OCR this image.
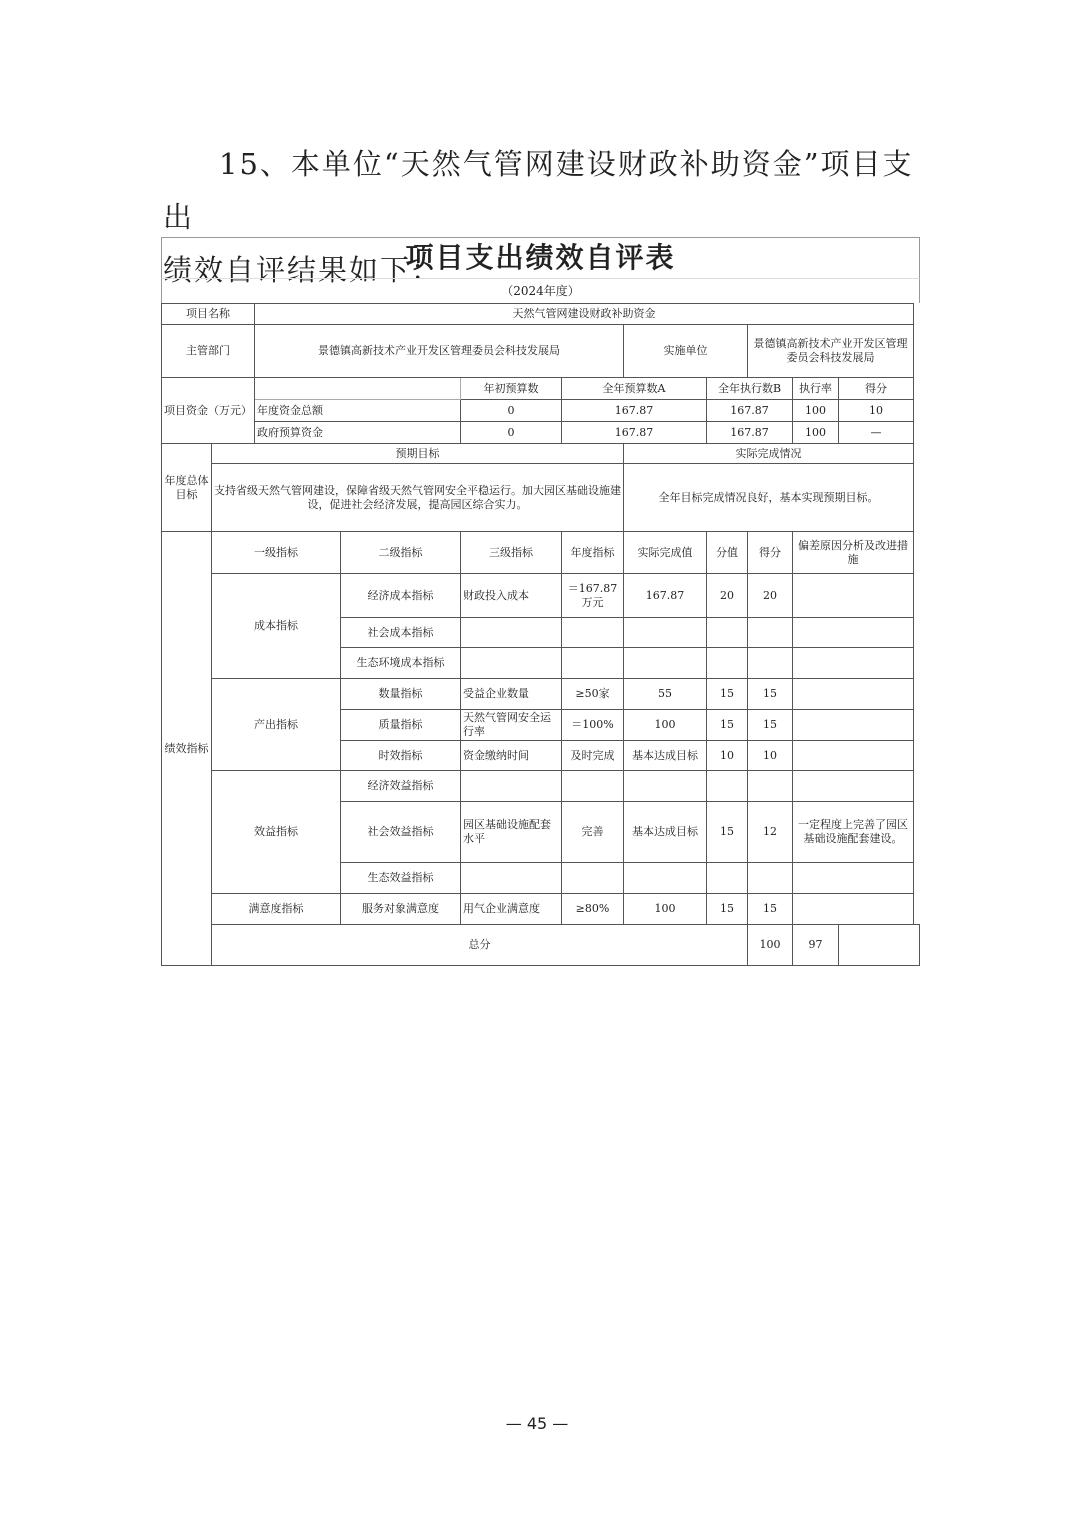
15、本单位“天然气管网建设财政补助资金”项目支出
绩效自评结果如下：
项目支出绩效自评表
（2024年度）
项目名称		天然气管网建设财政补助资金								
主管部门		景德镇高新技术产业开发区管理委员会科技发展局				实施单位		景德镇高新技术产业开发区管理委员会科技发展局		
项目资金（万元）				年初预算数	全年预算数A		全年执行数B		执行率	得分
		年度资金总额		0	167.87		167.87		100	10
		政府预算资金		0	167.87		167.87		100	—
年度总体目标	预期目标					实际完成情况				
	支持省级天然气管网建设，保障省级天然气管网安全平稳运行。加大园区基础设施建设，促进社会经济发展，提高园区综合实力。					全年目标完成情况良好，基本实现预期目标。				
绩效指标	一级指标		二级指标	三级指标	年度指标	实际完成值	分值	得分	偏差原因分析及改进措施	
	成本指标		经济成本指标	财政投入成本	＝167.87万元	167.87	20	20		
			社会成本指标							
			生态环境成本指标							
	产出指标		数量指标	受益企业数量	≥50家	55	15	15		
			质量指标	天然气管网安全运行率	＝100%	100	15	15		
			时效指标	资金缴纳时间	及时完成	基本达成目标	10	10		
	效益指标		经济效益指标							
			社会效益指标	园区基础设施配套水平	完善	基本达成目标	15	12	一定程度上完善了园区基础设施配套建设。	
			生态效益指标							
	满意度指标		服务对象满意度	用气企业满意度	≥80%	100	15	15		
	总分							100	97	
— 45 —
